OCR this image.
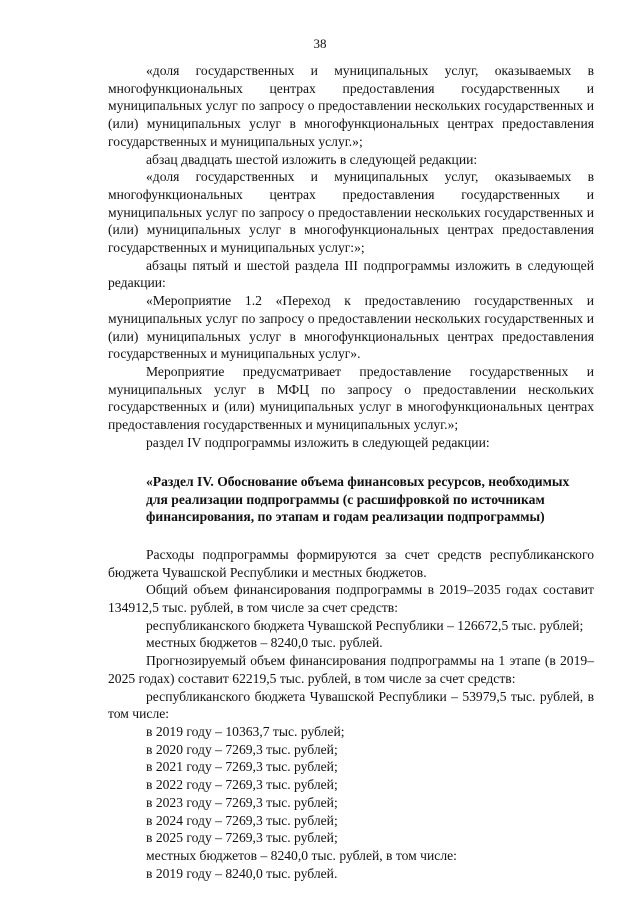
38

«доля государственных и муниципальных услуг, оказываемых в многофункциональных центрах предоставления государственных и муниципальных услуг по запросу о предоставлении нескольких государственных и (или) муниципальных услуг в многофункциональных центрах предоставления государственных и муниципальных услуг.»;

абзац двадцать шестой изложить в следующей редакции:

«доля государственных и муниципальных услуг, оказываемых в многофункциональных центрах предоставления государственных и муниципальных услуг по запросу о предоставлении нескольких государственных и (или) муниципальных услуг в многофункциональных центрах предоставления государственных и муниципальных услуг:»;

абзацы пятый и шестой раздела III подпрограммы изложить в следующей редакции:

«Мероприятие 1.2 «Переход к предоставлению государственных и муниципальных услуг по запросу о предоставлении нескольких государственных и (или) муниципальных услуг в многофункциональных центрах предоставления государственных и муниципальных услуг».

Мероприятие предусматривает предоставление государственных и муниципальных услуг в МФЦ по запросу о предоставлении нескольких государственных и (или) муниципальных услуг в многофункциональных центрах предоставления государственных и муниципальных услуг.»;

раздел IV подпрограммы изложить в следующей редакции:

«Раздел IV. Обоснование объема финансовых ресурсов, необходимых для реализации подпрограммы (с расшифровкой по источникам финансирования, по этапам и годам реализации подпрограммы)

Расходы подпрограммы формируются за счет средств республиканского бюджета Чувашской Республики и местных бюджетов.

Общий объем финансирования подпрограммы в 2019–2035 годах составит 134912,5 тыс. рублей, в том числе за счет средств:

республиканского бюджета Чувашской Республики – 126672,5 тыс. рублей;

местных бюджетов – 8240,0 тыс. рублей.

Прогнозируемый объем финансирования подпрограммы на 1 этапе (в 2019–2025 годах) составит 62219,5 тыс. рублей, в том числе за счет средств:

республиканского бюджета Чувашской Республики – 53979,5 тыс. рублей, в том числе:

в 2019 году – 10363,7 тыс. рублей;

в 2020 году – 7269,3 тыс. рублей;

в 2021 году – 7269,3 тыс. рублей;

в 2022 году – 7269,3 тыс. рублей;

в 2023 году – 7269,3 тыс. рублей;

в 2024 году – 7269,3 тыс. рублей;

в 2025 году – 7269,3 тыс. рублей;

местных бюджетов – 8240,0 тыс. рублей, в том числе:

в 2019 году – 8240,0 тыс. рублей.
